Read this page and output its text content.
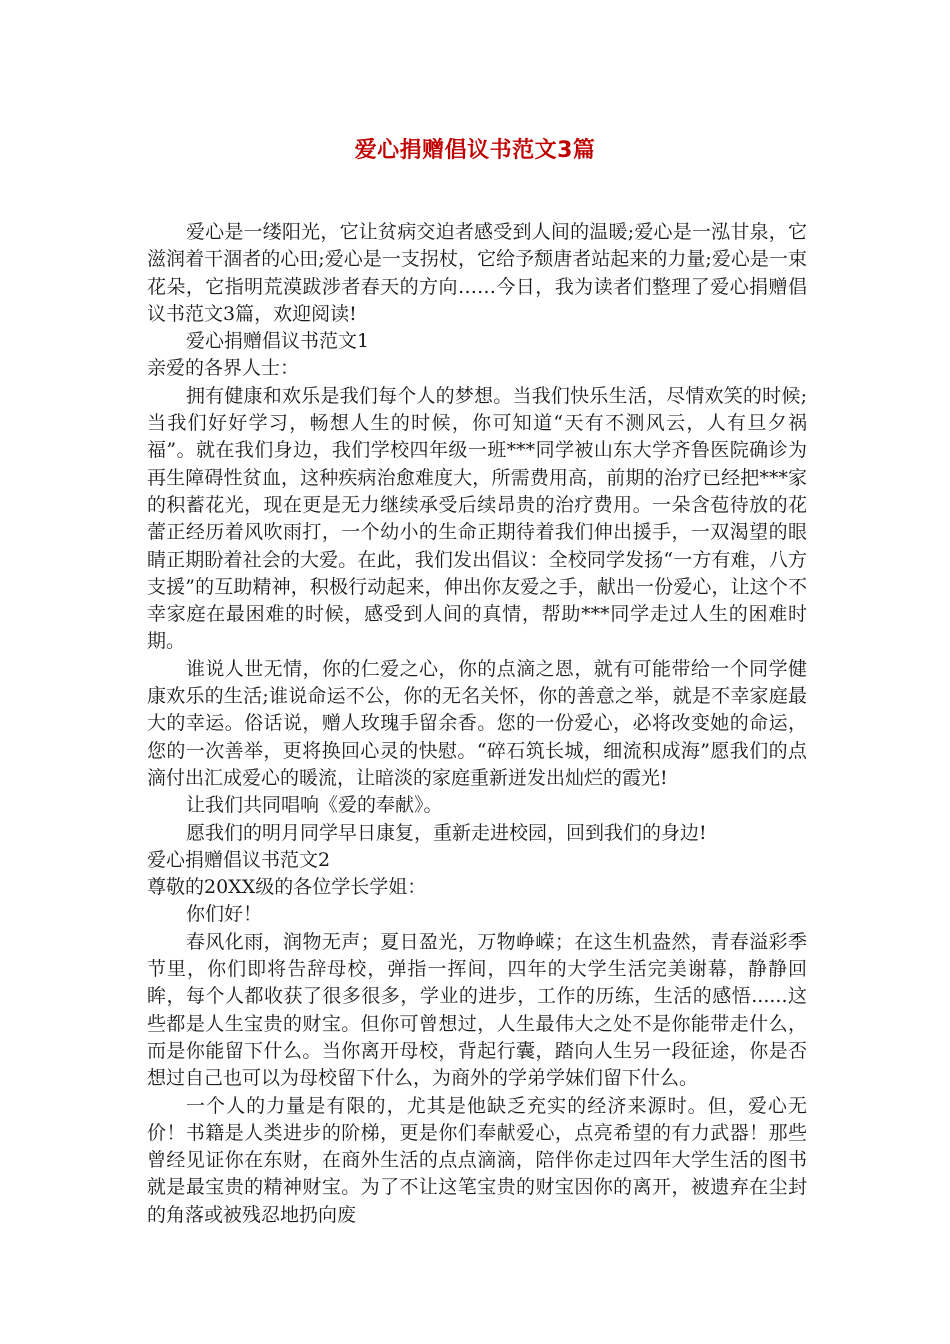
爱心捐赠倡议书范文3篇

爱心是一缕阳光，它让贫病交迫者感受到人间的温暖;爱心是一泓甘泉，它滋润着干涸者的心田;爱心是一支拐杖，它给予颓唐者站起来的力量;爱心是一束花朵，它指明荒漠跋涉者春天的方向……今日，我为读者们整理了爱心捐赠倡议书范文3篇，欢迎阅读!

爱心捐赠倡议书范文1

亲爱的各界人士：

拥有健康和欢乐是我们每个人的梦想。当我们快乐生活，尽情欢笑的时候;当我们好好学习，畅想人生的时候，你可知道“天有不测风云，人有旦夕祸福”。就在我们身边，我们学校四年级一班***同学被山东大学齐鲁医院确诊为再生障碍性贫血，这种疾病治愈难度大，所需费用高，前期的治疗已经把***家的积蓄花光，现在更是无力继续承受后续昂贵的治疗费用。一朵含苞待放的花蕾正经历着风吹雨打，一个幼小的生命正期待着我们伸出援手，一双渴望的眼睛正期盼着社会的大爱。在此，我们发出倡议：全校同学发扬“一方有难，八方支援”的互助精神，积极行动起来，伸出你友爱之手，献出一份爱心，让这个不幸家庭在最困难的时候，感受到人间的真情，帮助***同学走过人生的困难时期。

谁说人世无情，你的仁爱之心，你的点滴之恩，就有可能带给一个同学健康欢乐的生活;谁说命运不公，你的无名关怀，你的善意之举，就是不幸家庭最大的幸运。俗话说，赠人玫瑰手留余香。您的一份爱心，必将改变她的命运，您的一次善举，更将换回心灵的快慰。“碎石筑长城，细流积成海”愿我们的点滴付出汇成爱心的暖流，让暗淡的家庭重新迸发出灿烂的霞光!

让我们共同唱响《爱的奉献》。

愿我们的明月同学早日康复，重新走进校园，回到我们的身边!

爱心捐赠倡议书范文2

尊敬的20XX级的各位学长学姐：

你们好！

春风化雨，润物无声；夏日盈光，万物峥嵘；在这生机盎然，青春溢彩季节里，你们即将告辞母校，弹指一挥间，四年的大学生活完美谢幕，静静回眸，每个人都收获了很多很多，学业的进步，工作的历练，生活的感悟......这些都是人生宝贵的财宝。但你可曾想过，人生最伟大之处不是你能带走什么，而是你能留下什么。当你离开母校，背起行囊，踏向人生另一段征途，你是否想过自己也可以为母校留下什么，为商外的学弟学妹们留下什么。

一个人的力量是有限的，尤其是他缺乏充实的经济来源时。但，爱心无价！书籍是人类进步的阶梯，更是你们奉献爱心，点亮希望的有力武器！那些曾经见证你在东财，在商外生活的点点滴滴，陪伴你走过四年大学生活的图书就是最宝贵的精神财宝。为了不让这笔宝贵的财宝因你的离开，被遗弃在尘封的角落或被残忍地扔向废
